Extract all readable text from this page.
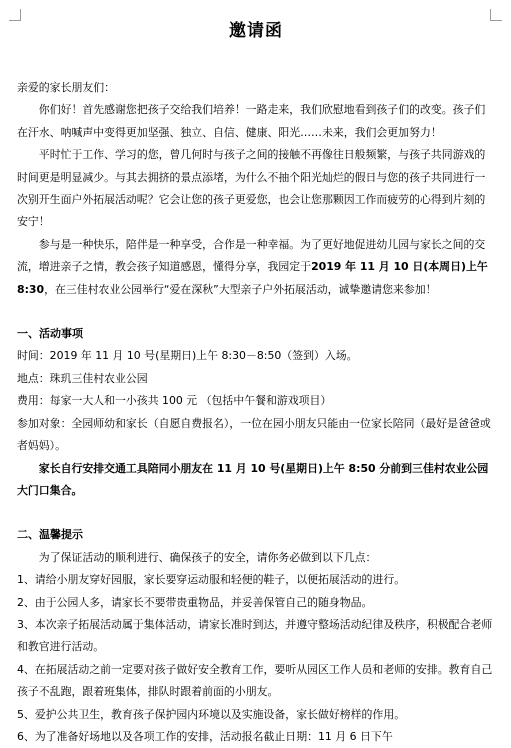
邀请函

亲爱的家长朋友们：

你们好！首先感谢您把孩子交给我们培养！一路走来，我们欣慰地看到孩子们的改变。孩子们在汗水、呐喊声中变得更加坚强、独立、自信、健康、阳光……未来，我们会更加努力！

平时忙于工作、学习的您，曾几何时与孩子之间的接触不再像往日般频繁，与孩子共同游戏的时间更是明显减少。与其去拥挤的景点添堵，为什么不抽个阳光灿烂的假日与您的孩子共同进行一次别开生面户外拓展活动呢？它会让您的孩子更爱您，也会让您那颗因工作而疲劳的心得到片刻的安宁！

参与是一种快乐，陪伴是一种享受，合作是一种幸福。为了更好地促进幼儿园与家长之间的交流，增进亲子之情，教会孩子知道感恩，懂得分享，我园定于2019 年 11 月 10 日(本周日)上午 8:30，在三佳村农业公园举行“爱在深秋”大型亲子户外拓展活动，诚挚邀请您来参加！

一、活动事项

时间：2019 年 11 月 10 号(星期日)上午 8:30－8:50（签到）入场。

地点：珠玑三佳村农业公园

费用：每家一大人和一小孩共 100 元 （包括中午餐和游戏项目）

参加对象：全园师幼和家长（自愿自费报名），一位在园小朋友只能由一位家长陪同（最好是爸爸或者妈妈）。

家长自行安排交通工具陪同小朋友在 11 月 10 号(星期日)上午 8:50 分前到三佳村农业公园大门口集合。

二、温馨提示

为了保证活动的顺利进行、确保孩子的安全，请你务必做到以下几点：

1、请给小朋友穿好园服，家长要穿运动服和轻便的鞋子，以便拓展活动的进行。

2、由于公园人多，请家长不要带贵重物品，并妥善保管自己的随身物品。

3、本次亲子拓展活动属于集体活动，请家长准时到达，并遵守整场活动纪律及秩序，积极配合老师和教官进行活动。

4、在拓展活动之前一定要对孩子做好安全教育工作，要听从园区工作人员和老师的安排。教育自己孩子不乱跑，跟着班集体，排队时跟着前面的小朋友。

5、爱护公共卫生，教育孩子保护园内环境以及实施设备，家长做好榜样的作用。

6、为了准备好场地以及各项工作的安排，活动报名截止日期：11 月 6 日下午
